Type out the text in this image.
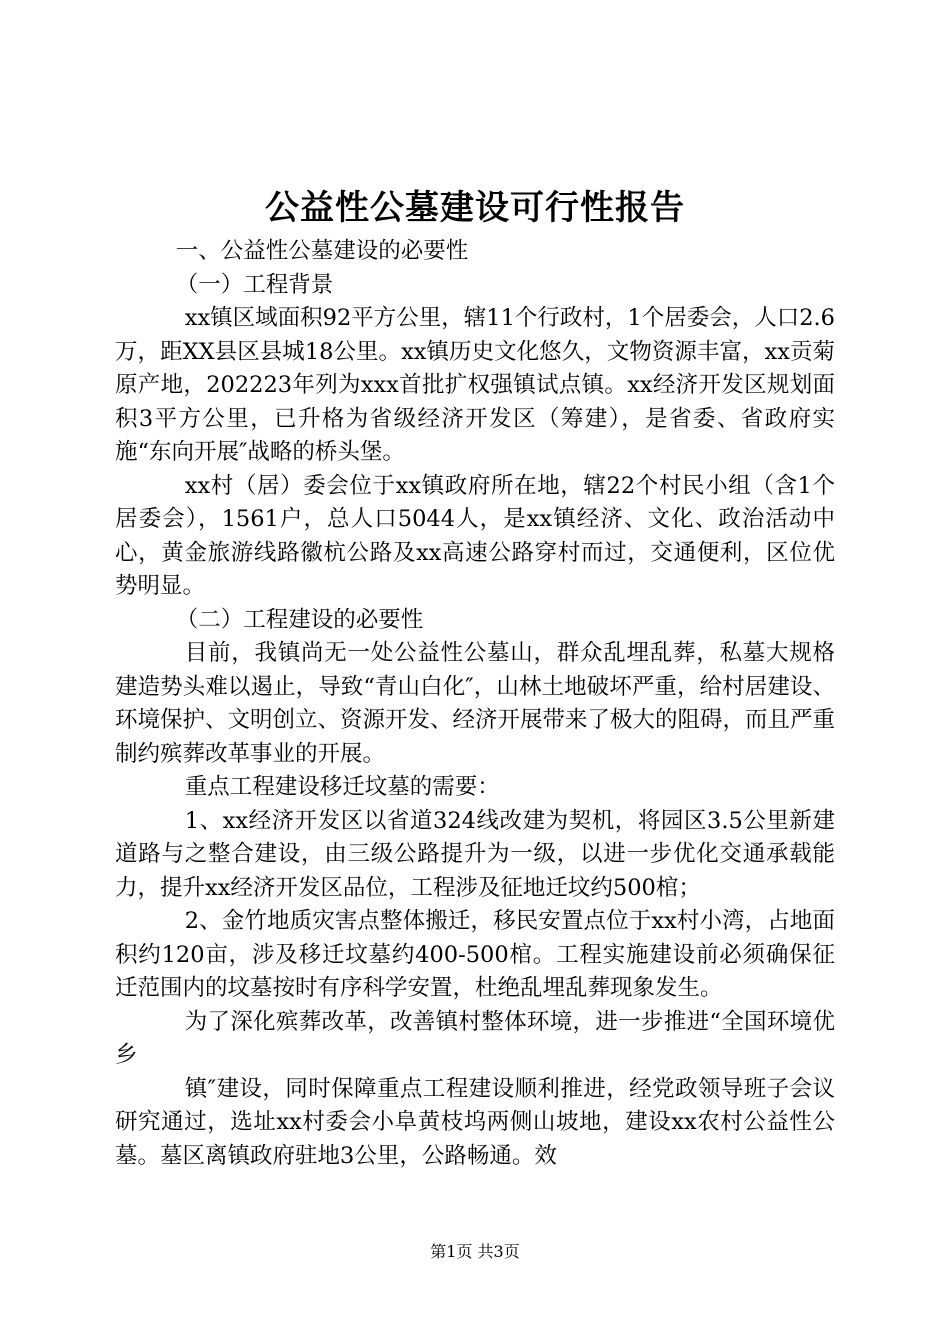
公益性公墓建设可行性报告

一、公益性公墓建设的必要性

（一）工程背景

xx镇区域面积92平方公里，辖11个行政村，1个居委会，人口2.6万，距XX县区县城18公里。xx镇历史文化悠久，文物资源丰富，xx贡菊原产地，202223年列为xxx首批扩权强镇试点镇。xx经济开发区规划面积3平方公里，已升格为省级经济开发区（筹建），是省委、省政府实施“东向开展″战略的桥头堡。

xx村（居）委会位于xx镇政府所在地，辖22个村民小组（含1个居委会），1561户，总人口5044人，是xx镇经济、文化、政治活动中心，黄金旅游线路徽杭公路及xx高速公路穿村而过，交通便利，区位优势明显。

（二）工程建设的必要性

目前，我镇尚无一处公益性公墓山，群众乱埋乱葬，私墓大规格建造势头难以遏止，导致“青山白化″，山林土地破坏严重，给村居建设、环境保护、文明创立、资源开发、经济开展带来了极大的阻碍，而且严重制约殡葬改革事业的开展。

重点工程建设移迁坟墓的需要：

1、xx经济开发区以省道324线改建为契机，将园区3.5公里新建道路与之整合建设，由三级公路提升为一级，以进一步优化交通承载能力，提升xx经济开发区品位，工程涉及征地迁坟约500棺；

2、金竹地质灾害点整体搬迁，移民安置点位于xx村小湾，占地面积约120亩，涉及移迁坟墓约400-500棺。工程实施建设前必须确保征迁范围内的坟墓按时有序科学安置，杜绝乱埋乱葬现象发生。

为了深化殡葬改革，改善镇村整体环境，进一步推进“全国环境优乡

镇″建设，同时保障重点工程建设顺利推进，经党政领导班子会议研究通过，选址xx村委会小阜黄枝坞两侧山坡地，建设xx农村公益性公墓。墓区离镇政府驻地3公里，公路畅通。效

第1页 共3页
